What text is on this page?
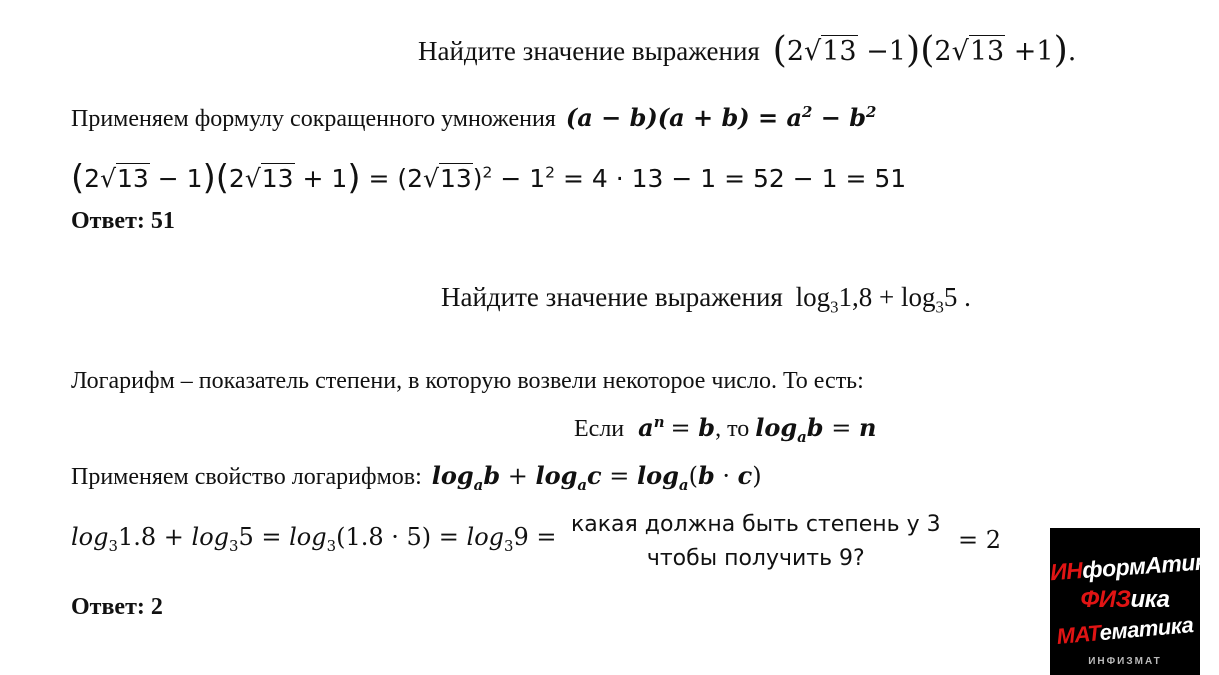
Найдите значение выражения (2√13 −1)(2√13 +1).
Применяем формулу сокращенного умножения $(a - b)(a + b) = a^2 - b^2$
$(2√13 - 1)(2√13 + 1) = (2√13)^2 - 1^2 = 4 \cdot 13 - 1 = 52 - 1 = 51$
Ответ: 51
Найдите значение выражения $\log_31,8 + \log_35$ .
Логарифм – показатель степени, в которую возвели некоторое число. То есть:
Если $a^n = b$, то $\log_ab = n$
Применяем свойство логарифмов: $\log_ab + \log_ac = \log_a(b \cdot c)$
$\log_31.8 + \log_35 = \log_3(1.8 \cdot 5) = \log_39$ = какая должна быть степень у 3
чтобы получить 9?
= 2
Ответ: 2
ИНформАтика
ФИЗика
МАТематика
ИНФИЗМАТ
